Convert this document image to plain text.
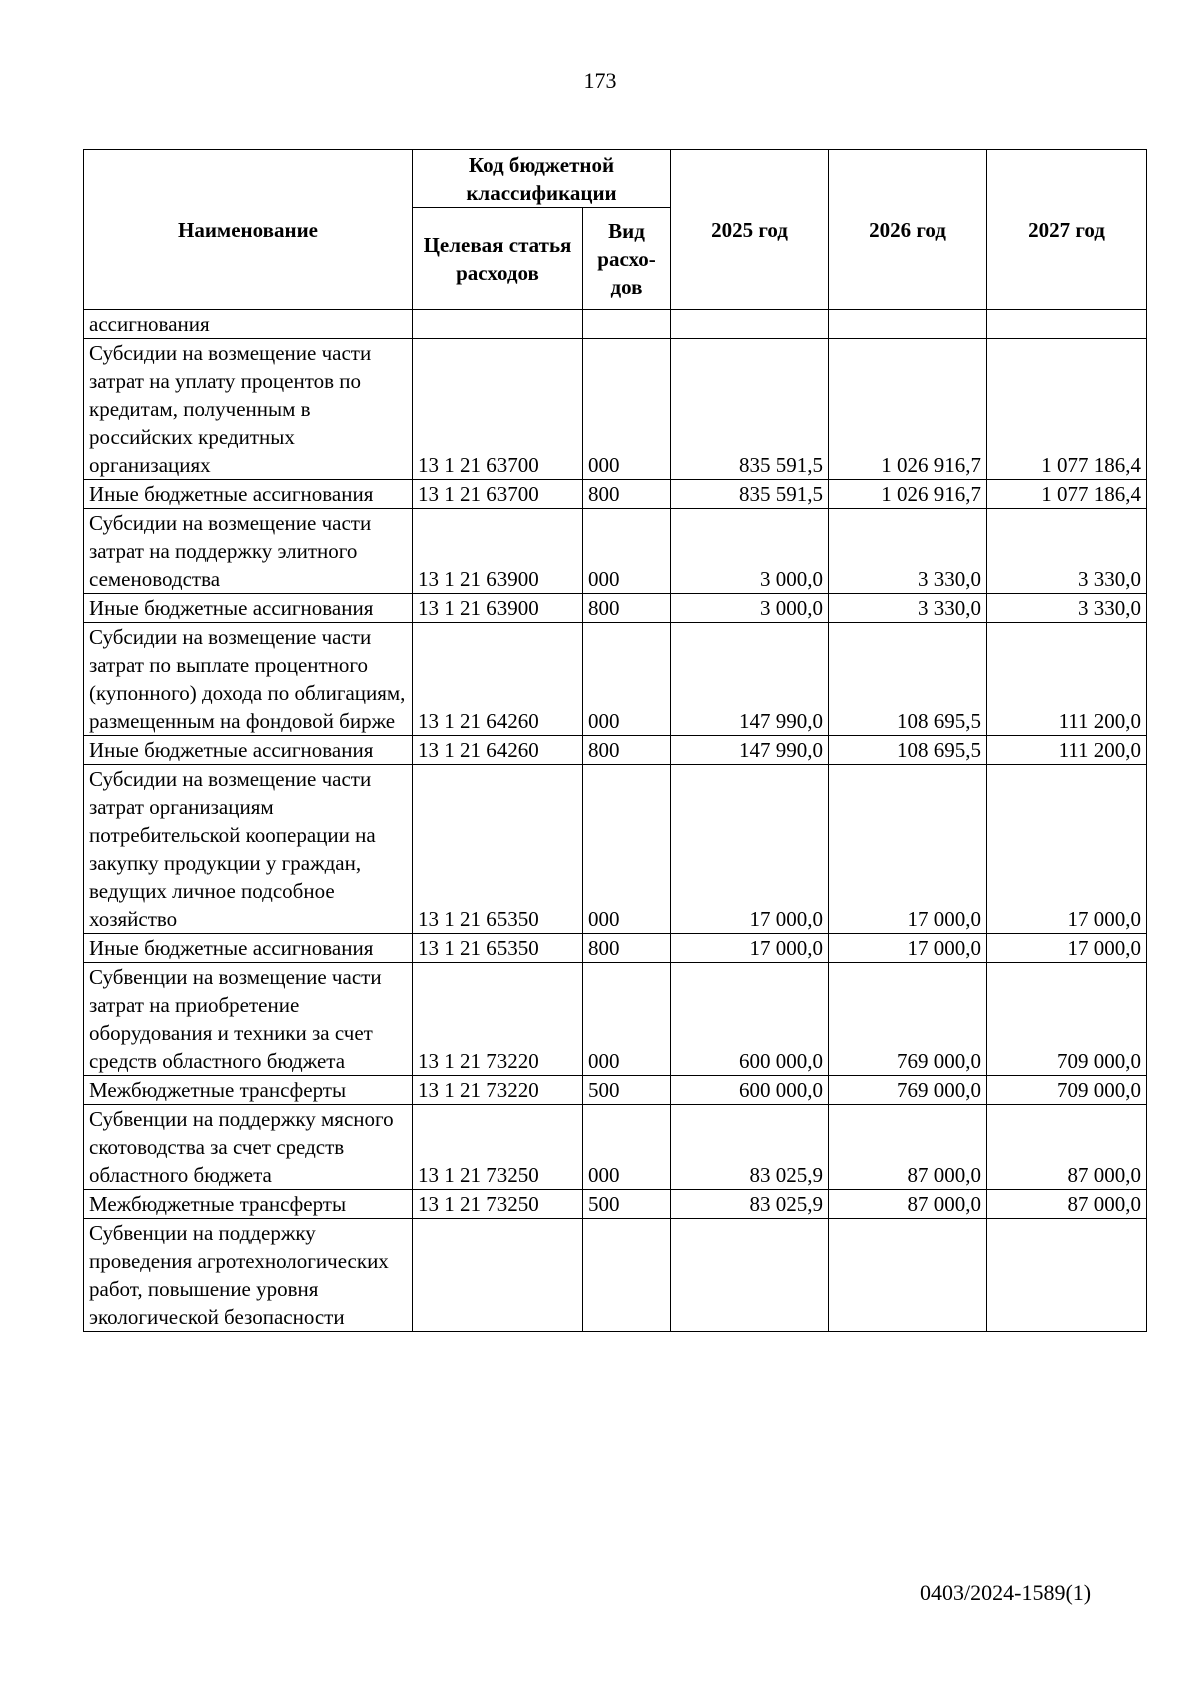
173
Наименование	Код бюджетной классификации		2025 год	2026 год	2027 год
	Целевая статья расходов	Вид расхо-дов			
ассигнования					
Субсидии на возмещение части затрат на уплату процентов по кредитам, полученным в российских кредитных организациях	13 1 21 63700	000	835 591,5	1 026 916,7	1 077 186,4
Иные бюджетные ассигнования	13 1 21 63700	800	835 591,5	1 026 916,7	1 077 186,4
Субсидии на возмещение части затрат на поддержку элитного семеноводства	13 1 21 63900	000	3 000,0	3 330,0	3 330,0
Иные бюджетные ассигнования	13 1 21 63900	800	3 000,0	3 330,0	3 330,0
Субсидии на возмещение части затрат по выплате процентного (купонного) дохода по облигациям, размещенным на фондовой бирже	13 1 21 64260	000	147 990,0	108 695,5	111 200,0
Иные бюджетные ассигнования	13 1 21 64260	800	147 990,0	108 695,5	111 200,0
Субсидии на возмещение части затрат организациям потребительской кооперации на закупку продукции у граждан, ведущих личное подсобное хозяйство	13 1 21 65350	000	17 000,0	17 000,0	17 000,0
Иные бюджетные ассигнования	13 1 21 65350	800	17 000,0	17 000,0	17 000,0
Субвенции на возмещение части затрат на приобретение оборудования и техники за счет средств областного бюджета	13 1 21 73220	000	600 000,0	769 000,0	709 000,0
Межбюджетные трансферты	13 1 21 73220	500	600 000,0	769 000,0	709 000,0
Субвенции на поддержку мясного скотоводства за счет средств областного бюджета	13 1 21 73250	000	83 025,9	87 000,0	87 000,0
Межбюджетные трансферты	13 1 21 73250	500	83 025,9	87 000,0	87 000,0
Субвенции на поддержку проведения агротехнологических работ, повышение уровня экологической безопасности					
0403/2024-1589(1)
